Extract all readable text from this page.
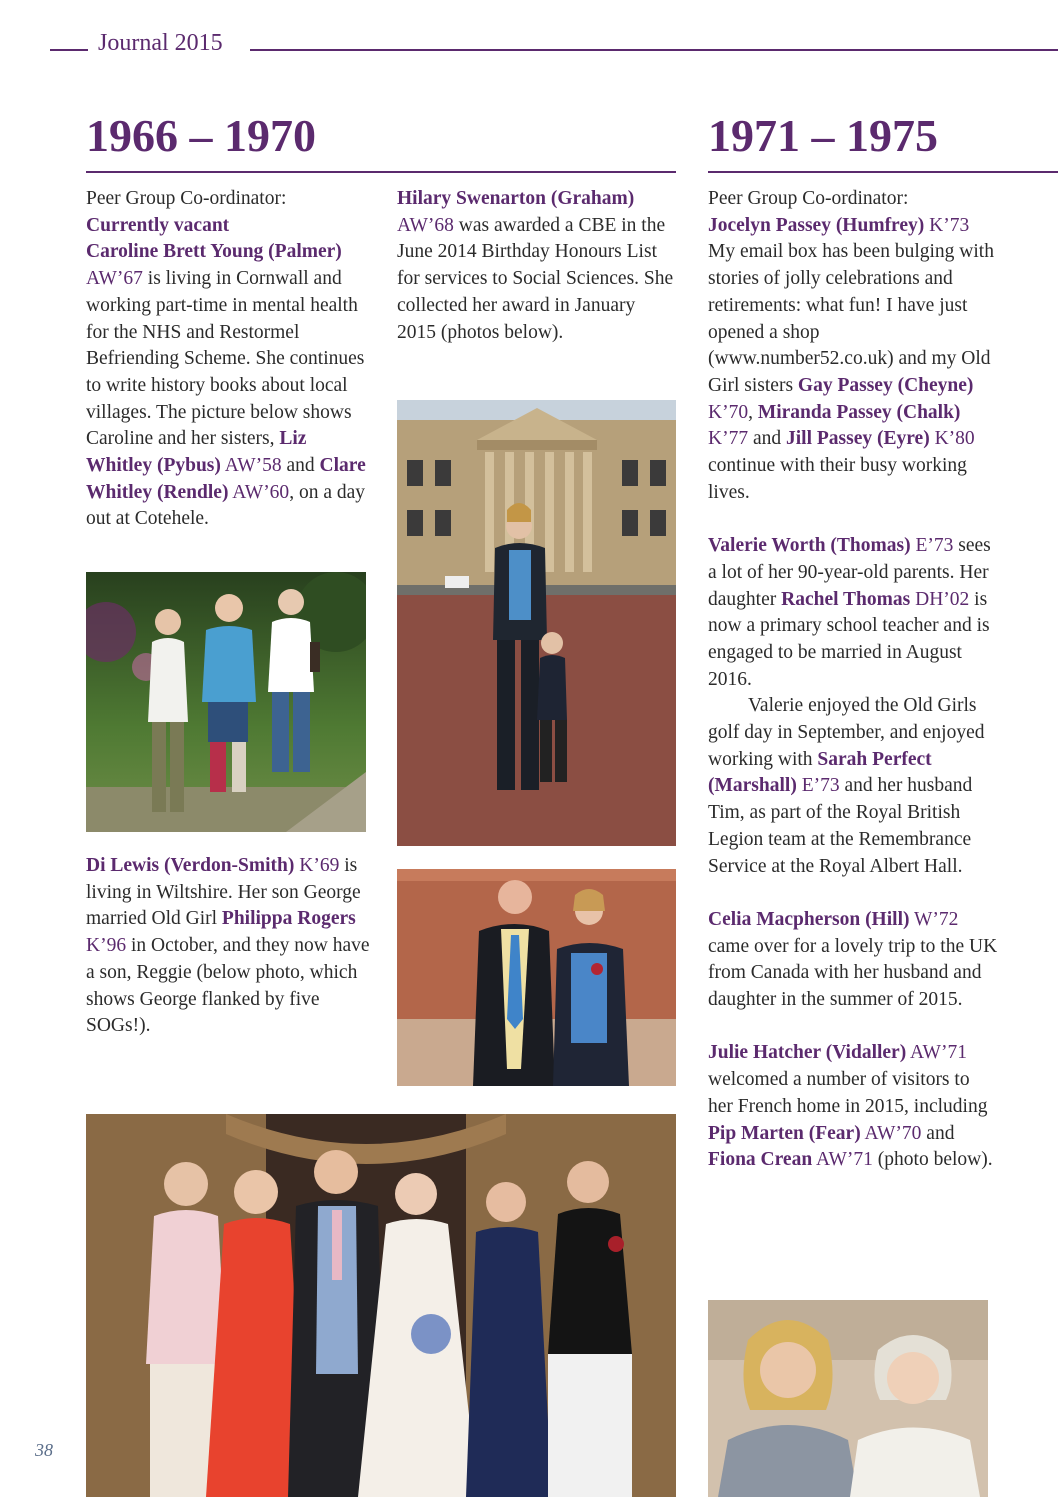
Journal 2015
1966 – 1970	1971 – 1975

Peer Group Co-ordinator:
Currently vacant
Caroline Brett Young (Palmer) AW’67 is living in Cornwall and working part-time in mental health for the NHS and Restormel Befriending Scheme. She continues to write history books about local villages. The picture below shows Caroline and her sisters, Liz Whitley (Pybus) AW’58 and Clare Whitley (Rendle) AW’60, on a day out at Cotehele.

Di Lewis (Verdon-Smith) K’69 is living in Wiltshire. Her son George married Old Girl Philippa Rogers K’96 in October, and they now have a son, Reggie (below photo, which shows George flanked by five SOGs!).

Hilary Swenarton (Graham)
AW’68 was awarded a CBE in the June 2014 Birthday Honours List for services to Social Sciences. She collected her award in January 2015 (photos below).

Peer Group Co-ordinator:
Jocelyn Passey (Humfrey) K’73 My email box has been bulging with stories of jolly celebrations and retirements: what fun! I have just opened a shop (www.number52.co.uk) and my Old Girl sisters Gay Passey (Cheyne) K’70, Miranda Passey (Chalk) K’77 and Jill Passey (Eyre) K’80 continue with their busy working lives.

Valerie Worth (Thomas) E’73 sees a lot of her 90-year-old parents. Her daughter Rachel Thomas DH’02 is now a primary school teacher and is engaged to be married in August 2016.

Valerie enjoyed the Old Girls golf day in September, and enjoyed working with Sarah Perfect (Marshall) E’73 and her husband Tim, as part of the Royal British Legion team at the Remembrance Service at the Royal Albert Hall.

Celia Macpherson (Hill) W’72 came over for a lovely trip to the UK from Canada with her husband and daughter in the summer of 2015.

Julie Hatcher (Vidaller) AW’71 welcomed a number of visitors to her French home in 2015, including Pip Marten (Fear) AW’70 and Fiona Crean AW’71 (photo below).

38
